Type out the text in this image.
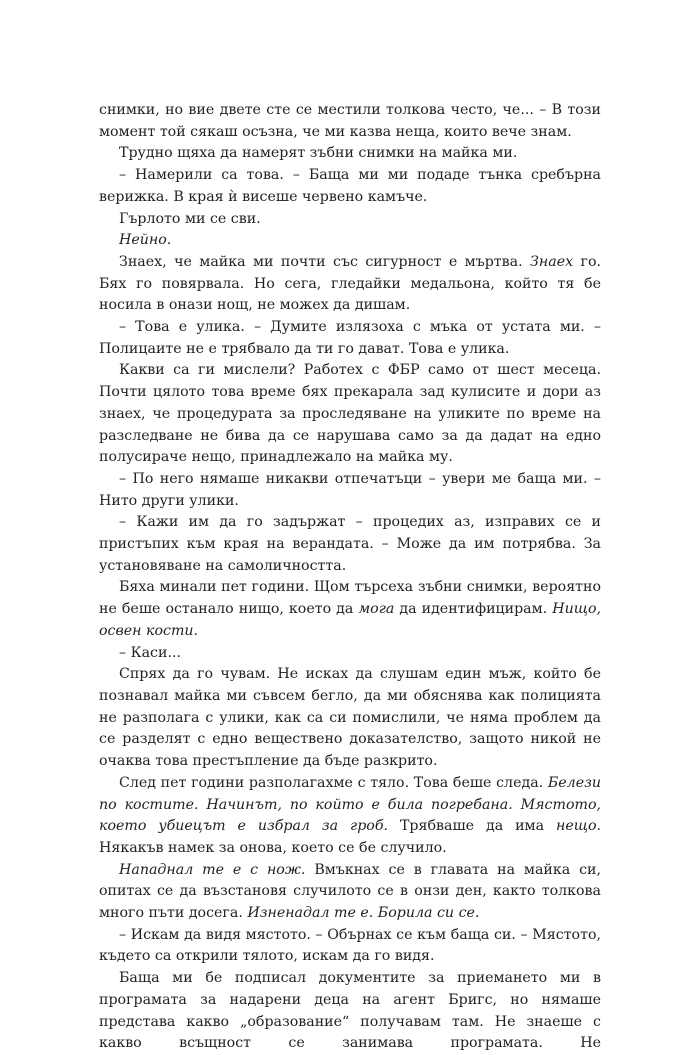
снимки, но вие двете сте се местили толкова често, че... – В този момент той сякаш осъзна, че ми казва неща, които вече знам.

Трудно щяха да намерят зъбни снимки на майка ми.

– Намерили са това. – Баща ми ми подаде тънка сребърна верижка. В края ѝ висеше червено камъче.

Гърлото ми се сви.

Нейно.

Знаех, че майка ми почти със сигурност е мъртва. Знаех го. Бях го повярвала. Но сега, гледайки медальона, който тя бе носила в онази нощ, не можех да дишам.

– Това е улика. – Думите излязоха с мъка от устата ми. – Полицаите не е трябвало да ти го дават. Това е улика.

Какви са ги мислели? Работех с ФБР само от шест месеца. Почти цялото това време бях прекарала зад кулисите и дори аз знаех, че процедурата за проследяване на уликите по време на разследване не бива да се нарушава само за да дадат на едно полусираче нещо, принадлежало на майка му.

– По него нямаше никакви отпечатъци – увери ме баща ми. – Нито други улики.

– Кажи им да го задържат – процедих аз, изправих се и пристъпих към края на верандата. – Може да им потрябва. За установяване на самоличността.

Бяха минали пет години. Щом търсеха зъбни снимки, вероятно не беше останало нищо, което да мога да идентифицирам. Нищо, освен кости.

– Каси...

Спрях да го чувам. Не исках да слушам един мъж, който бе познавал майка ми съвсем бегло, да ми обяснява как полицията не разполага с улики, как са си помислили, че няма проблем да се разделят с едно веществено доказателство, защото никой не очаква това престъпление да бъде разкрито.

След пет години разполагахме с тяло. Това беше следа. Белези по костите. Начинът, по който е била погребана. Мястото, което убиецът е избрал за гроб. Трябваше да има нещо. Някакъв намек за онова, което се бе случило.

Нападнал те е с нож. Вмъкнах се в главата на майка си, опитах се да възстановя случилото се в онзи ден, както толкова много пъти досега. Изненадал те е. Борила си се.

– Искам да видя мястото. – Обърнах се към баща си. – Мястото, където са открили тялото, искам да го видя.

Баща ми бе подписал документите за приемането ми в програмата за надарени деца на агент Бригс, но нямаше представа какво „образование“ получавам там. Не знаеше с какво всъщност се занимава програмата. Не
